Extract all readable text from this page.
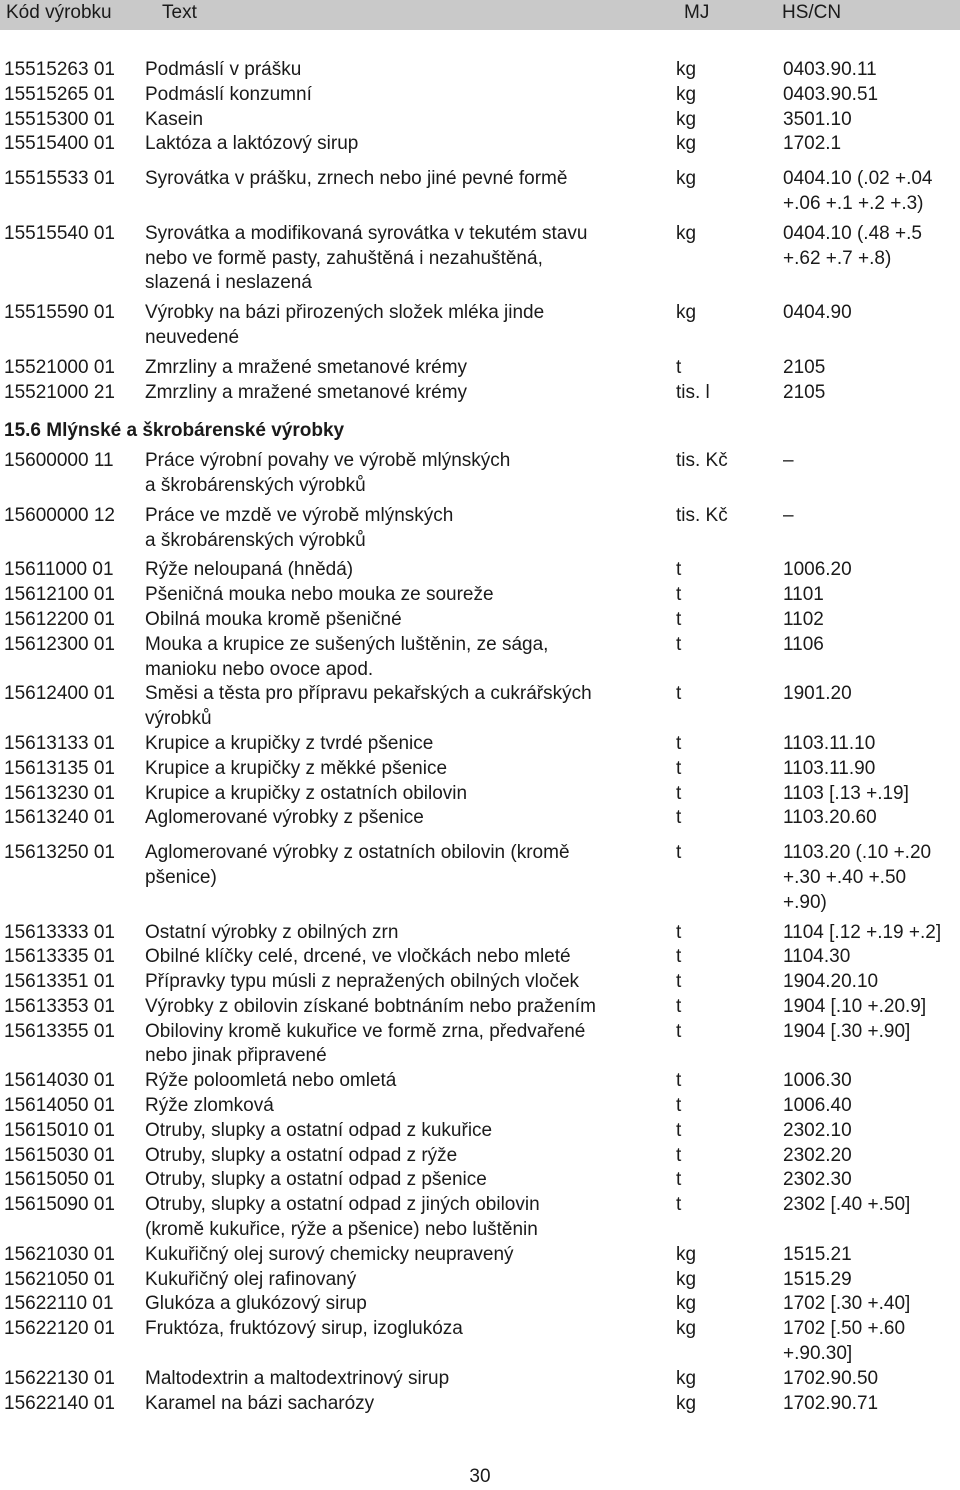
Kód výrobku	Text	MJ	HS/CN
15515263 01	Podmáslí v prášku	kg	0403.90.11
15515265 01	Podmáslí konzumní	kg	0403.90.51
15515300 01	Kasein	kg	3501.10
15515400 01	Laktóza a laktózový sirup	kg	1702.1
15515533 01	Syrovátka v prášku, zrnech nebo jiné pevné formě	kg	0404.10 (.02 +.04
+.06 +.1 +.2 +.3)
15515540 01	Syrovátka a modifikovaná syrovátka v tekutém stavu
nebo ve formě pasty, zahuštěná i nezahuštěná,
slazená i neslazená
kg	0404.10 (.48 +.5
+.62 +.7 +.8)
15515590 01	Výrobky na bázi přirozených složek mléka jinde
neuvedené
kg	0404.90
15521000 01	Zmrzliny a mražené smetanové krémy	t	2105
15521000 21	Zmrzliny a mražené smetanové krémy	tis. l	2105
15.6 Mlýnské a škrobárenské výrobky
15600000 11	Práce výrobní povahy ve výrobě mlýnských
a škrobárenských výrobků
tis. Kč	–
15600000 12	Práce ve mzdě ve výrobě mlýnských
a škrobárenských výrobků
tis. Kč	–
15611000 01	Rýže neloupaná (hnědá)	t	1006.20
15612100 01	Pšeničná mouka nebo mouka ze soureže	t	1101
15612200 01	Obilná mouka kromě pšeničné	t	1102
15612300 01	Mouka a krupice ze sušených luštěnin, ze sága,
manioku nebo ovoce apod.
t	1106
15612400 01	Směsi a těsta pro přípravu pekařských a cukrářských
výrobků
t	1901.20
15613133 01	Krupice a krupičky z tvrdé pšenice	t	1103.11.10
15613135 01	Krupice a krupičky z měkké pšenice	t	1103.11.90
15613230 01	Krupice a krupičky z ostatních obilovin	t	1103 [.13 +.19]
15613240 01	Aglomerované výrobky z pšenice	t	1103.20.60
15613250 01	Aglomerované výrobky z ostatních obilovin (kromě
pšenice)
t	1103.20 (.10 +.20
+.30 +.40 +.50
+.90)
15613333 01	Ostatní výrobky z obilných zrn	t	1104 [.12 +.19 +.2]
15613335 01	Obilné klíčky celé, drcené, ve vločkách nebo mleté	t	1104.30
15613351 01	Přípravky typu músli z nepražených obilných vloček	t	1904.20.10
15613353 01	Výrobky z obilovin získané bobtnáním nebo pražením	t	1904 [.10 +.20.9]
15613355 01	Obiloviny kromě kukuřice ve formě zrna, předvařené
nebo jinak připravené
t	1904 [.30 +.90]
15614030 01	Rýže poloomletá nebo omletá	t	1006.30
15614050 01	Rýže zlomková	t	1006.40
15615010 01	Otruby, slupky a ostatní odpad z kukuřice	t	2302.10
15615030 01	Otruby, slupky a ostatní odpad z rýže	t	2302.20
15615050 01	Otruby, slupky a ostatní odpad z pšenice	t	2302.30
15615090 01	Otruby, slupky a ostatní odpad z jiných obilovin
(kromě kukuřice, rýže a pšenice) nebo luštěnin
t	2302 [.40 +.50]
15621030 01	Kukuřičný olej surový chemicky neupravený	kg	1515.21
15621050 01	Kukuřičný olej rafinovaný	kg	1515.29
15622110 01	Glukóza a glukózový sirup	kg	1702 [.30 +.40]
15622120 01	Fruktóza, fruktózový sirup, izoglukóza	kg	1702 [.50 +.60
+.90.30]
15622130 01	Maltodextrin a maltodextrinový sirup	kg	1702.90.50
15622140 01	Karamel na bázi sacharózy	kg	1702.90.71
30
